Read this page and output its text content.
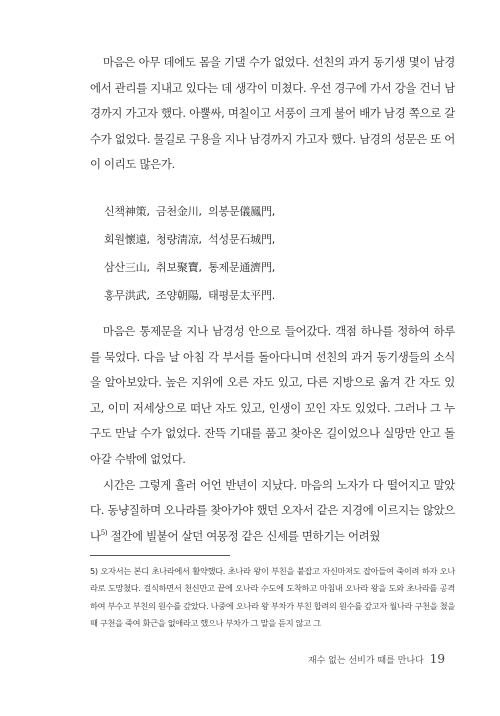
마음은 아무 데에도 몸을 기댈 수가 없었다. 선친의 과거 동기생 몇이 남경에서 관리를 지내고 있다는 데 생각이 미쳤다. 우선 경구에 가서 강을 건너 남경까지 가고자 했다. 아뿔싸, 며칠이고 서풍이 크게 불어 배가 남경 쪽으로 갈 수가 없었다. 물길로 구용을 지나 남경까지 가고자 했다. 남경의 성문은 또 어이 이리도 많은가.

신책神策, 금천金川, 의봉문儀鳳門,
회원懷遠, 청량淸凉, 석성문石城門,
삼산三山, 취보聚寶, 통제문通濟門,
홍무洪武, 조양朝陽, 태평문太平門.

마음은 통제문을 지나 남경성 안으로 들어갔다. 객점 하나를 정하여 하루를 묵었다. 다음 날 아침 각 부서를 돌아다니며 선친의 과거 동기생들의 소식을 알아보았다. 높은 지위에 오른 자도 있고, 다른 지방으로 옮겨 간 자도 있고, 이미 저세상으로 떠난 자도 있고, 인생이 꼬인 자도 있었다. 그러나 그 누구도 만날 수가 없었다. 잔뜩 기대를 품고 찾아온 길이었으나 실망만 안고 돌아갈 수밖에 없었다.

시간은 그렇게 흘러 어언 반년이 지났다. 마음의 노자가 다 떨어지고 말았다. 동냥질하며 오나라를 찾아가야 했던 오자서 같은 지경에 이르지는 않았으나$^{5)}$ 절간에 빌붙어 살던 여몽정 같은 신세를 면하기는 어려웠

5) 오자서는 본디 초나라에서 활약했다. 초나라 왕이 부친을 붙잡고 자신마저도 잡아들여 죽이려 하자 오나라로 도망쳤다. 걸식하면서 천신만고 끝에 오나라 수도에 도착하고 마침내 오나라 왕을 도와 초나라를 공격하여 부수고 부친의 원수를 갚았다. 나중에 오나라 왕 부차가 부친 합려의 원수를 갚고자 월나라 구천을 쳤을 때 구천을 죽여 화근을 없애라고 했으나 부차가 그 말을 듣지 않고 그
재수 없는 선비가 때를 만나다 19
